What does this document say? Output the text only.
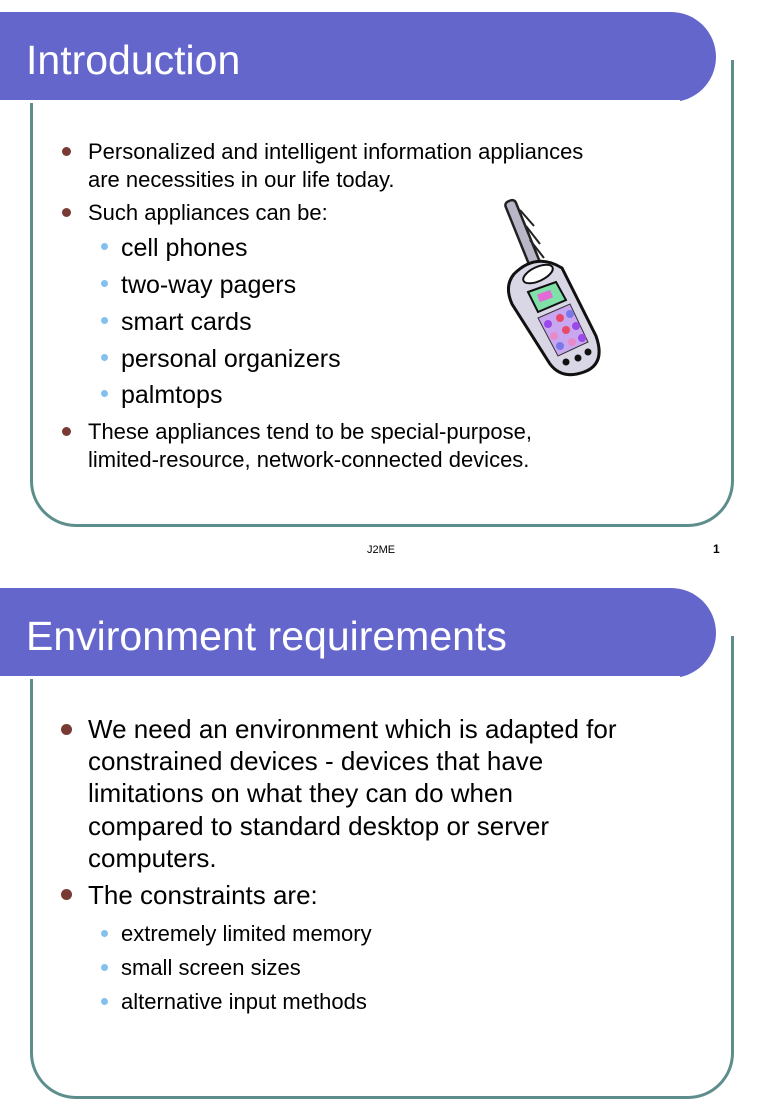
Introduction
Personalized and intelligent information appliances
are necessities in our life today.
Such appliances can be:
cell phones
two-way pagers
smart cards
personal organizers
palmtops
These appliances tend to be special-purpose,
limited-resource, network-connected devices.
J2ME	1
Environment requirements
We need an environment which is adapted for
constrained devices - devices that have
limitations on what they can do when
compared to standard desktop or server
computers.
The constraints are:
extremely limited memory
small screen sizes
alternative input methods
